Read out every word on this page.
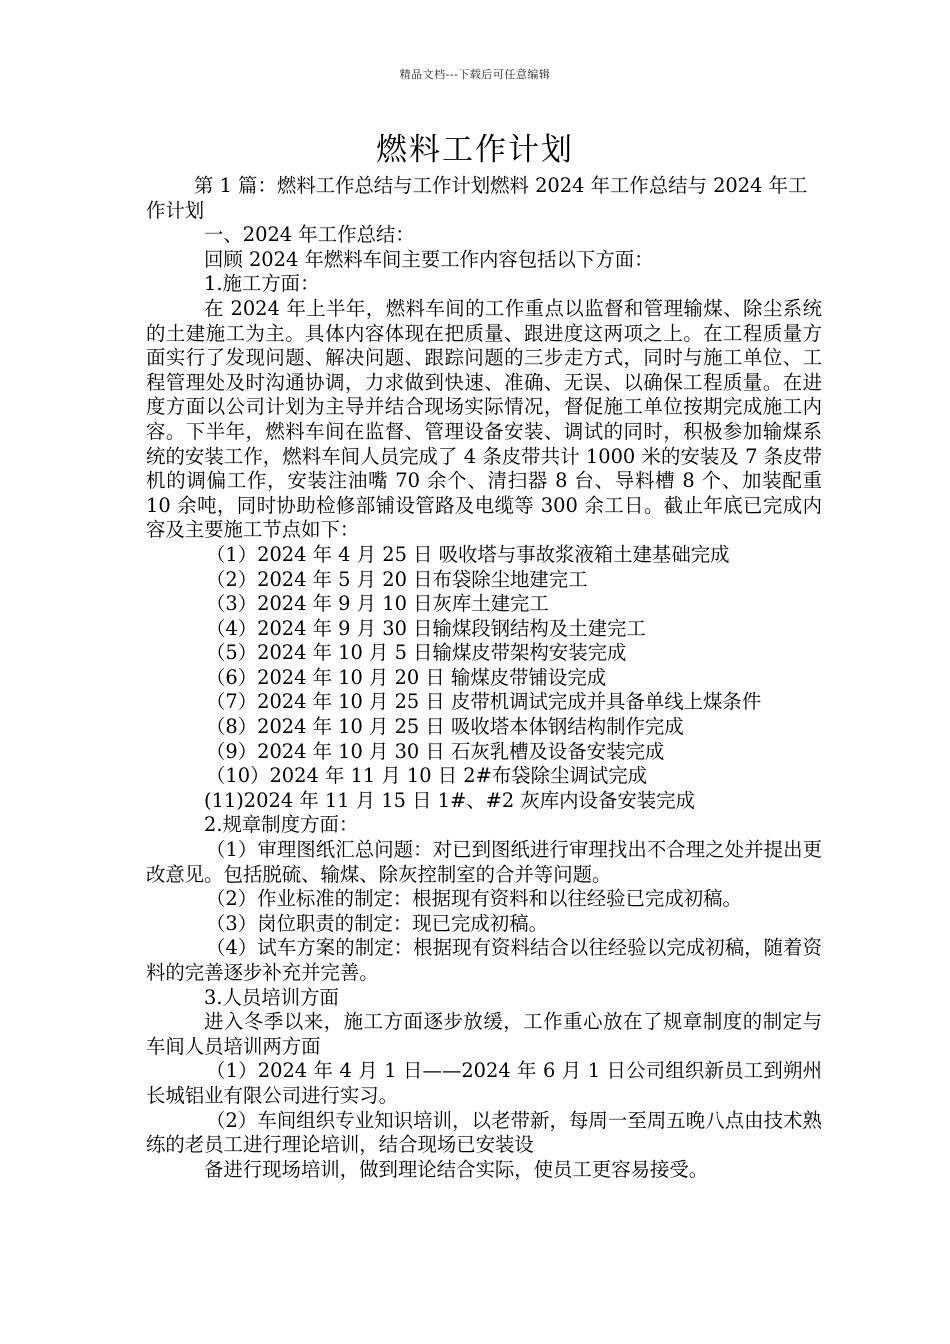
精品文档---下载后可任意编辑
燃料工作计划

第 1 篇：燃料工作总结与工作计划燃料 2024 年工作总结与 2024 年工作计划

一、2024 年工作总结：

回顾 2024 年燃料车间主要工作内容包括以下方面：

1.施工方面：

在 2024 年上半年，燃料车间的工作重点以监督和管理输煤、除尘系统的土建施工为主。具体内容体现在把质量、跟进度这两项之上。在工程质量方面实行了发现问题、解决问题、跟踪问题的三步走方式，同时与施工单位、工程管理处及时沟通协调，力求做到快速、准确、无误、以确保工程质量。在进度方面以公司计划为主导并结合现场实际情况，督促施工单位按期完成施工内容。下半年，燃料车间在监督、管理设备安装、调试的同时，积极参加输煤系统的安装工作，燃料车间人员完成了 4 条皮带共计 1000 米的安装及 7 条皮带机的调偏工作，安装注油嘴 70 余个、清扫器 8 台、导料槽 8 个、加装配重 10 余吨，同时协助检修部铺设管路及电缆等 300 余工日。截止年底已完成内容及主要施工节点如下：

（1）2024 年 4 月 25 日 吸收塔与事故浆液箱土建基础完成

（2）2024 年 5 月 20 日布袋除尘地建完工

（3）2024 年 9 月 10 日灰库土建完工

（4）2024 年 9 月 30 日输煤段钢结构及土建完工

（5）2024 年 10 月 5 日输煤皮带架构安装完成

（6）2024 年 10 月 20 日 输煤皮带铺设完成

（7）2024 年 10 月 25 日 皮带机调试完成并具备单线上煤条件

（8）2024 年 10 月 25 日 吸收塔本体钢结构制作完成

（9）2024 年 10 月 30 日 石灰乳槽及设备安装完成

（10）2024 年 11 月 10 日 2#布袋除尘调试完成

(11)2024 年 11 月 15 日 1#、#2 灰库内设备安装完成

2.规章制度方面：

（1）审理图纸汇总问题：对已到图纸进行审理找出不合理之处并提出更改意见。包括脱硫、输煤、除灰控制室的合并等问题。

（2）作业标准的制定：根据现有资料和以往经验已完成初稿。

（3）岗位职责的制定：现已完成初稿。

（4）试车方案的制定：根据现有资料结合以往经验以完成初稿，随着资料的完善逐步补充并完善。

3.人员培训方面

进入冬季以来，施工方面逐步放缓，工作重心放在了规章制度的制定与车间人员培训两方面

（1）2024 年 4 月 1 日——2024 年 6 月 1 日公司组织新员工到朔州长城铝业有限公司进行实习。

（2）车间组织专业知识培训，以老带新，每周一至周五晚八点由技术熟练的老员工进行理论培训，结合现场已安装设

备进行现场培训，做到理论结合实际，使员工更容易接受。
